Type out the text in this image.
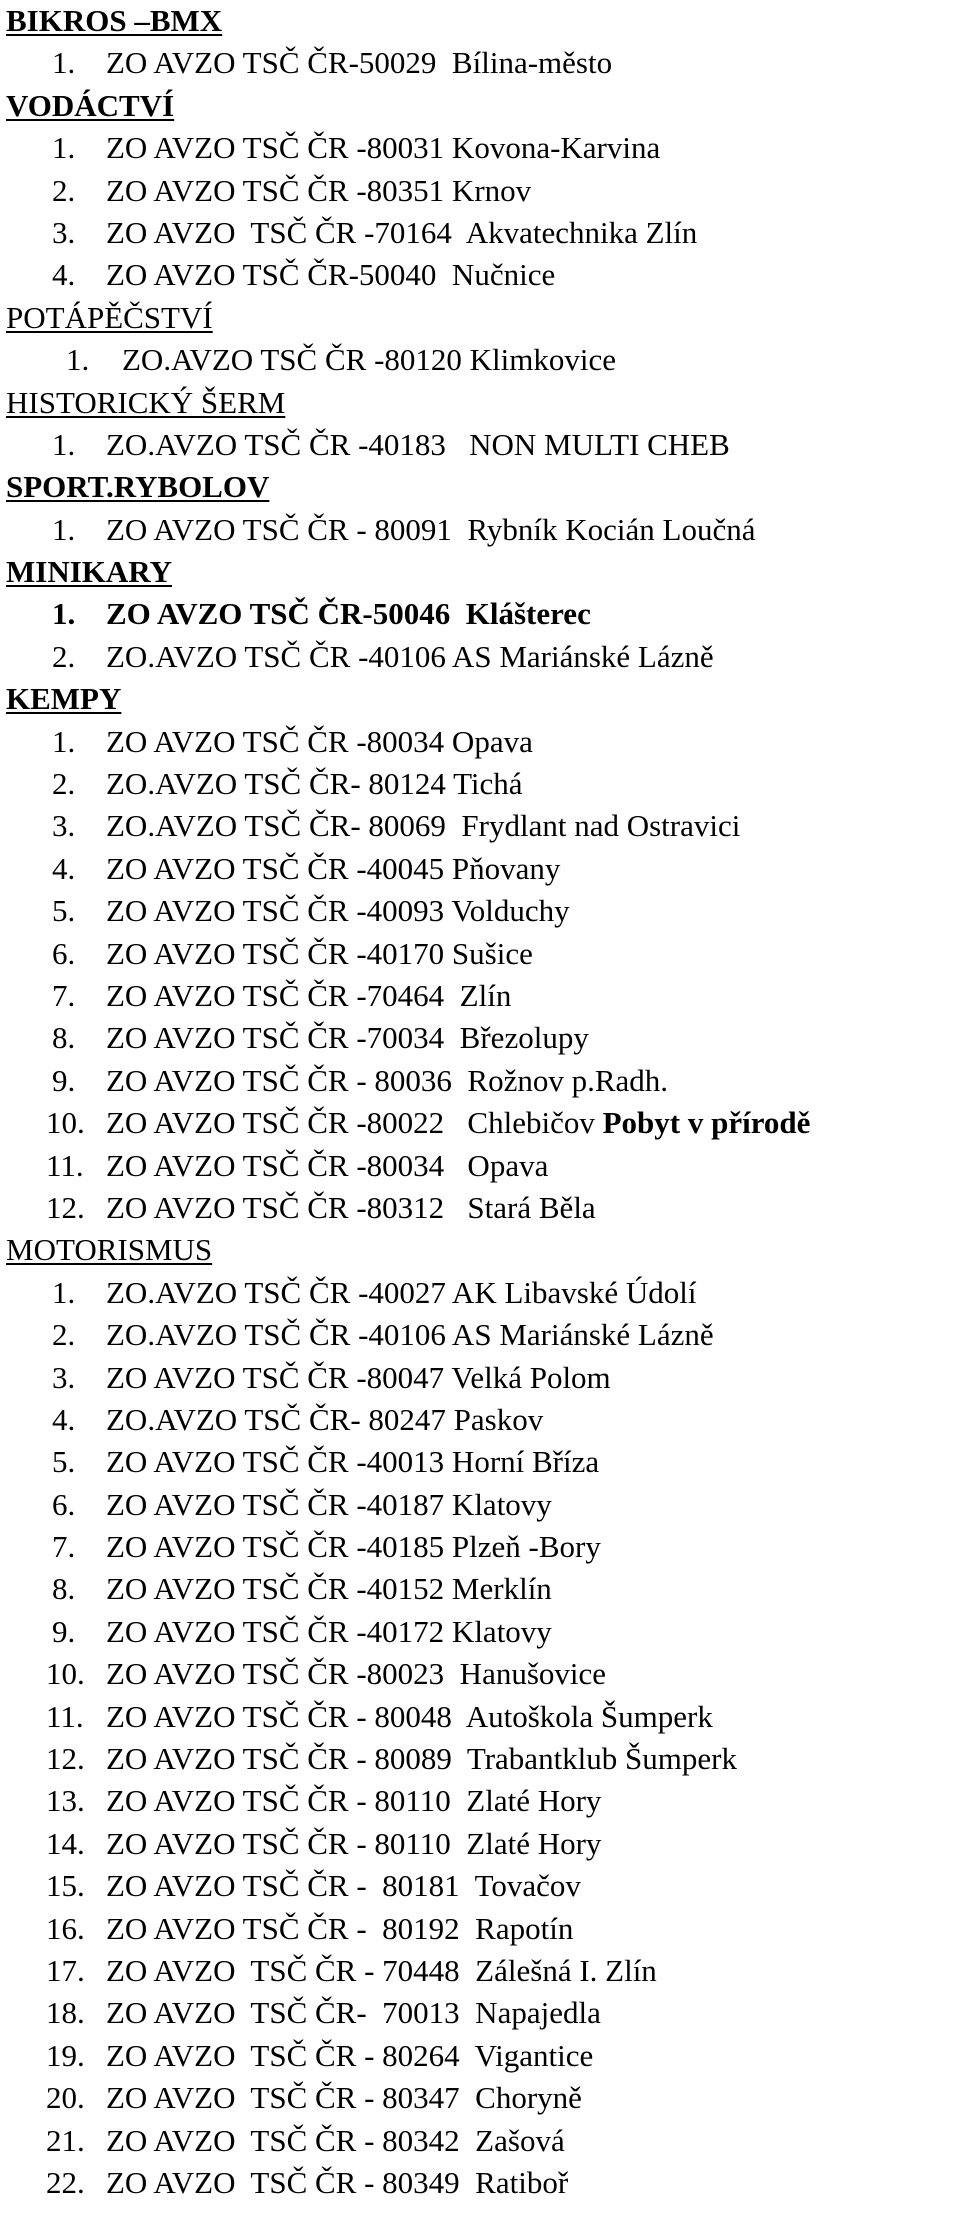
BIKROS –BMX
1. ZO AVZO TSČ ČR-50029  Bílina-město
VODÁCTVÍ
1. ZO AVZO TSČ ČR -80031 Kovona-Karvina
2. ZO AVZO TSČ ČR -80351 Krnov
3. ZO AVZO  TSČ ČR -70164  Akvatechnika Zlín
4. ZO AVZO TSČ ČR-50040  Nučnice
POTÁPĚČSTVÍ
1. ZO.AVZO TSČ ČR -80120 Klimkovice
HISTORICKÝ ŠERM
1. ZO.AVZO TSČ ČR -40183   NON MULTI CHEB
SPORT.RYBOLOV
1. ZO AVZO TSČ ČR - 80091  Rybník Kocián Loučná
MINIKARY
1. ZO AVZO TSČ ČR-50046  Klášterec
2. ZO.AVZO TSČ ČR -40106 AS Mariánské Lázně
KEMPY
1. ZO AVZO TSČ ČR -80034 Opava
2. ZO.AVZO TSČ ČR- 80124 Tichá
3. ZO.AVZO TSČ ČR- 80069  Frydlant nad Ostravici
4. ZO AVZO TSČ ČR -40045 Pňovany
5. ZO AVZO TSČ ČR -40093 Volduchy
6. ZO AVZO TSČ ČR -40170 Sušice
7. ZO AVZO TSČ ČR -70464  Zlín
8. ZO AVZO TSČ ČR -70034  Březolupy
9. ZO AVZO TSČ ČR - 80036  Rožnov p.Radh.
10. ZO AVZO TSČ ČR -80022   Chlebičov Pobyt v přírodě
11. ZO AVZO TSČ ČR -80034   Opava
12. ZO AVZO TSČ ČR -80312   Stará Běla
MOTORISMUS
1. ZO.AVZO TSČ ČR -40027 AK Libavské Údolí
2. ZO.AVZO TSČ ČR -40106 AS Mariánské Lázně
3. ZO AVZO TSČ ČR -80047 Velká Polom
4. ZO.AVZO TSČ ČR- 80247 Paskov
5. ZO AVZO TSČ ČR -40013 Horní Bříza
6. ZO AVZO TSČ ČR -40187 Klatovy
7. ZO AVZO TSČ ČR -40185 Plzeň -Bory
8. ZO AVZO TSČ ČR -40152 Merklín
9. ZO AVZO TSČ ČR -40172 Klatovy
10. ZO AVZO TSČ ČR -80023  Hanušovice
11. ZO AVZO TSČ ČR - 80048  Autoškola Šumperk
12. ZO AVZO TSČ ČR - 80089  Trabantklub Šumperk
13. ZO AVZO TSČ ČR - 80110  Zlaté Hory
14. ZO AVZO TSČ ČR - 80110  Zlaté Hory
15. ZO AVZO TSČ ČR -  80181  Tovačov
16. ZO AVZO TSČ ČR -  80192  Rapotín
17. ZO AVZO  TSČ ČR - 70448  Zálešná I. Zlín
18. ZO AVZO  TSČ ČR-  70013  Napajedla
19. ZO AVZO  TSČ ČR - 80264  Vigantice
20. ZO AVZO  TSČ ČR - 80347  Choryně
21. ZO AVZO  TSČ ČR - 80342  Zašová
22. ZO AVZO  TSČ ČR - 80349  Ratiboř
